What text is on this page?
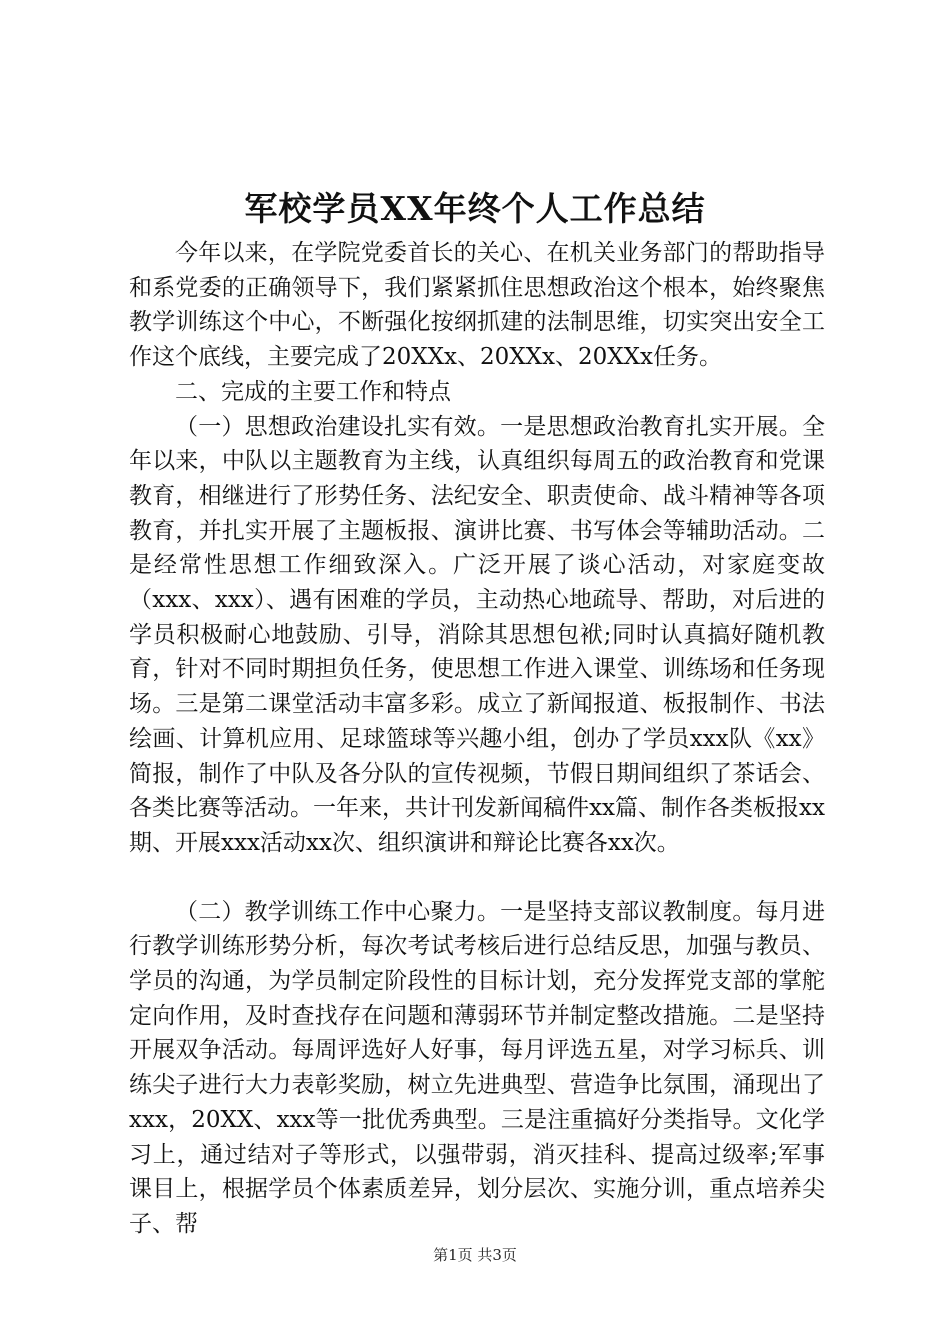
军校学员XX年终个人工作总结

今年以来，在学院党委首长的关心、在机关业务部门的帮助指导和系党委的正确领导下，我们紧紧抓住思想政治这个根本，始终聚焦教学训练这个中心，不断强化按纲抓建的法制思维，切实突出安全工作这个底线，主要完成了20XXx、20XXx、20XXx任务。

二、完成的主要工作和特点

（一）思想政治建设扎实有效。一是思想政治教育扎实开展。全年以来，中队以主题教育为主线，认真组织每周五的政治教育和党课教育，相继进行了形势任务、法纪安全、职责使命、战斗精神等各项教育，并扎实开展了主题板报、演讲比赛、书写体会等辅助活动。二是经常性思想工作细致深入。广泛开展了谈心活动，对家庭变故（xxx、xxx）、遇有困难的学员，主动热心地疏导、帮助，对后进的学员积极耐心地鼓励、引导，消除其思想包袱;同时认真搞好随机教育，针对不同时期担负任务，使思想工作进入课堂、训练场和任务现场。三是第二课堂活动丰富多彩。成立了新闻报道、板报制作、书法绘画、计算机应用、足球篮球等兴趣小组，创办了学员xxx队《xx》简报，制作了中队及各分队的宣传视频，节假日期间组织了茶话会、各类比赛等活动。一年来，共计刊发新闻稿件xx篇、制作各类板报xx期、开展xxx活动xx次、组织演讲和辩论比赛各xx次。

（二）教学训练工作中心聚力。一是坚持支部议教制度。每月进行教学训练形势分析，每次考试考核后进行总结反思，加强与教员、学员的沟通，为学员制定阶段性的目标计划，充分发挥党支部的掌舵定向作用，及时查找存在问题和薄弱环节并制定整改措施。二是坚持开展双争活动。每周评选好人好事，每月评选五星，对学习标兵、训练尖子进行大力表彰奖励，树立先进典型、营造争比氛围，涌现出了xxx，20XX、xxx等一批优秀典型。三是注重搞好分类指导。文化学习上，通过结对子等形式，以强带弱，消灭挂科、提高过级率;军事课目上，根据学员个体素质差异，划分层次、实施分训，重点培养尖子、帮

第1页 共3页
